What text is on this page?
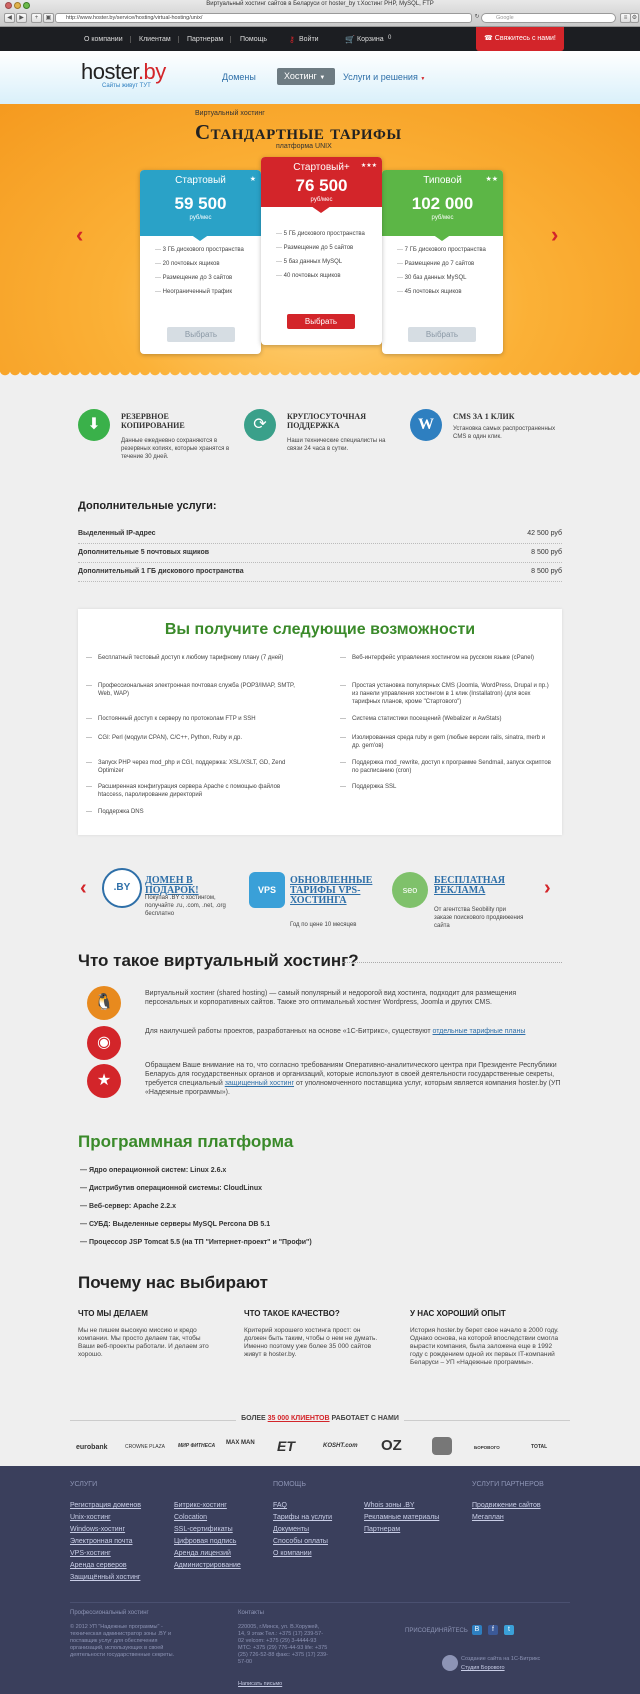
Виртуальный хостинг сайтов в Беларуси от hoster_by т.Хостинг PHP, MySQL, FTP
◀	▶	+	▣	http://www.hoster.by/service/hosting/virtual-hosting/unix/	↻	Google	≡ ⚙
О компании	Клиентам	Партнерам	Помощь	⚷ Войти	🛒 Корзина 0	☎ Свяжитесь с нами!
hoster.by
Сайты живут ТУТ
Домены	Хостинг ▼	Услуги и решения ▼
Виртуальный хостинг
Стандартные тарифы
платформа UNIX
‹	›
Стартовый	★
59 500
руб/мес
— 3 ГБ дискового пространства
— 20 почтовых ящиков
— Размещение до 3 сайтов
— Неограниченный трафик
Выбрать
Стартовый+	★★★
76 500
руб/мес
— 5 ГБ дискового пространства
— Размещение до 5 сайтов
— 5 баз данных MySQL
— 40 почтовых ящиков
Выбрать
Типовой	★★
102 000
руб/мес
— 7 ГБ дискового пространства
— Размещение до 7 сайтов
— 30 баз данных MySQL
— 45 почтовых ящиков
Выбрать
⬇	РЕЗЕРВНОЕ КОПИРОВАНИЕ
Данные ежедневно сохраняются в резервных копиях, которые хранятся в течение 30 дней.
⟳	КРУГЛОСУТОЧНАЯ ПОДДЕРЖКА
Наши технические специалисты на связи 24 часа в сутки.
W	CMS ЗА 1 КЛИК
Установка самых распространенных CMS в один клик.
Дополнительные услуги:
Выделенный IP-адрес	42 500 руб
Дополнительные 5 почтовых ящиков	8 500 руб
Дополнительный 1 ГБ дискового пространства	8 500 руб
Вы получите следующие возможности
— Бесплатный тестовый доступ к любому тарифному плану (7 дней)
— Профессиональная электронная почтовая служба (POP3/IMAP, SMTP, Web, WAP)
— Постоянный доступ к серверу по протоколам FTP и SSH
— CGI: Perl (модули CPAN), C/C++, Python, Ruby и др.
— Запуск PHP через mod_php и CGI, поддержка: XSL/XSLT, GD, Zend Optimizer
— Расширенная конфигурация сервера Apache с помощью файлов htaccess, паролирование директорий
— Поддержка DNS
— Веб-интерфейс управления хостингом на русском языке (cPanel)
— Простая установка популярных CMS (Joomla, WordPress, Drupal и пр.) из панели управления хостингом в 1 клик (Installatron) (для всех тарифных планов, кроме "Стартового")
— Система статистики посещений (Webalizer и AwStats)
— Изолированная среда ruby и gem (любые версии rails, sinatra, merb и др. gem'ов)
— Поддержка mod_rewrite, доступ к программе Sendmail, запуск скриптов по расписанию (cron)
— Поддержка SSL
‹	›
.BY
ДОМЕН В ПОДАРОК!
Покупая .BY с хостингом, получайте .ru, .com, .net, .org бесплатно
VPS
ОБНОВЛЕННЫЕ ТАРИФЫ VPS-ХОСТИНГА
Год по цене 10 месяцев
seo
БЕСПЛАТНАЯ РЕКЛАМА
От агентства Seobility при заказе поискового продвижения сайта
Что такое виртуальный хостинг?
🐧
Виртуальный хостинг (shared hosting) — самый популярный и недорогой вид хостинга, подходит для размещения персональных и корпоративных сайтов. Также это оптимальный хостинг Wordpress, Joomla и других CMS.
◉
Для наилучшей работы проектов, разработанных на основе «1С-Битрикс», существуют отдельные тарифные планы
★
Обращаем Ваше внимание на то, что согласно требованиям Оперативно-аналитического центра при Президенте Республики Беларусь для государственных органов и организаций, которые используют в своей деятельности государственные секреты, требуется специальный защищенный хостинг от уполномоченного поставщика услуг, которым является компания hoster.by (УП «Надежные программы»).
Программная платформа
— Ядро операционной систем: Linux 2.6.x
— Дистрибутив операционной системы: CloudLinux
— Веб-сервер: Apache 2.2.x
— СУБД: Выделенные серверы MySQL Percona DB 5.1
— Процессор JSP Tomcat 5.5 (на ТП "Интернет-проект" и "Профи")
Почему нас выбирают
ЧТО МЫ ДЕЛАЕМ
Мы не пишем высокую миссию и кредо компании. Мы просто делаем так, чтобы Ваши веб-проекты работали. И делаем это хорошо.
ЧТО ТАКОЕ КАЧЕСТВО?
Критерий хорошего хостинга прост: он должен быть таким, чтобы о нем не думать. Именно поэтому уже более 35 000 сайтов живут в hoster.by.
У НАС ХОРОШИЙ ОПЫТ
История hoster.by берет свое начало в 2000 году. Однако основа, на которой впоследствии смогла вырасти компания, была заложена еще в 1992 году с рождением одной их первых IT-компаний Беларуси – УП «Надежные программы».
БОЛЕЕ 35 000 КЛИЕНТОВ РАБОТАЕТ С НАМИ
eurobank	CROWNE PLAZA	МИР ФИТНЕСА MAX MAN ET	KOSHT.com OZ	БОРОВОГО	TOTAL
УСЛУГИ
Регистрация доменов
Unix-хостинг
Windows-хостинг
Электронная почта
VPS-хостинг
Аренда серверов
Защищённый хостинг
Битрикс-хостинг
Colocation
SSL-сертификаты
Цифровая подпись
Аренда лицензий
Администрирование
ПОМОЩЬ
FAQ
Тарифы на услуги
Документы
Способы оплаты
О компании
Whois зоны .BY
Рекламные материалы
Партнерам
УСЛУГИ ПАРТНЕРОВ
Продвижение сайтов
Мегаплан
Профессиональный хостинг
© 2012 УП "Надежные программы" - техническая администратор зоны .BY и поставщик услуг для обеспечения организаций, использующих в своей деятельности государственные секреты.
Контакты
220005, г.Минск, ул. В.Хоружей, 14, 9 этаж Тел.: +375 (17) 239-57-02 velcom: +375 (29) 3-4444-93 МТС: +375 (29) 776-44-93 life: +375 (25) 726-52-88 факс: +375 (17) 239-57-00
Написать письмо
ПРИСОЕДИНЯЙТЕСЬ В	f	t
Создание сайта на 1С-Битрикс
Студия Борового
